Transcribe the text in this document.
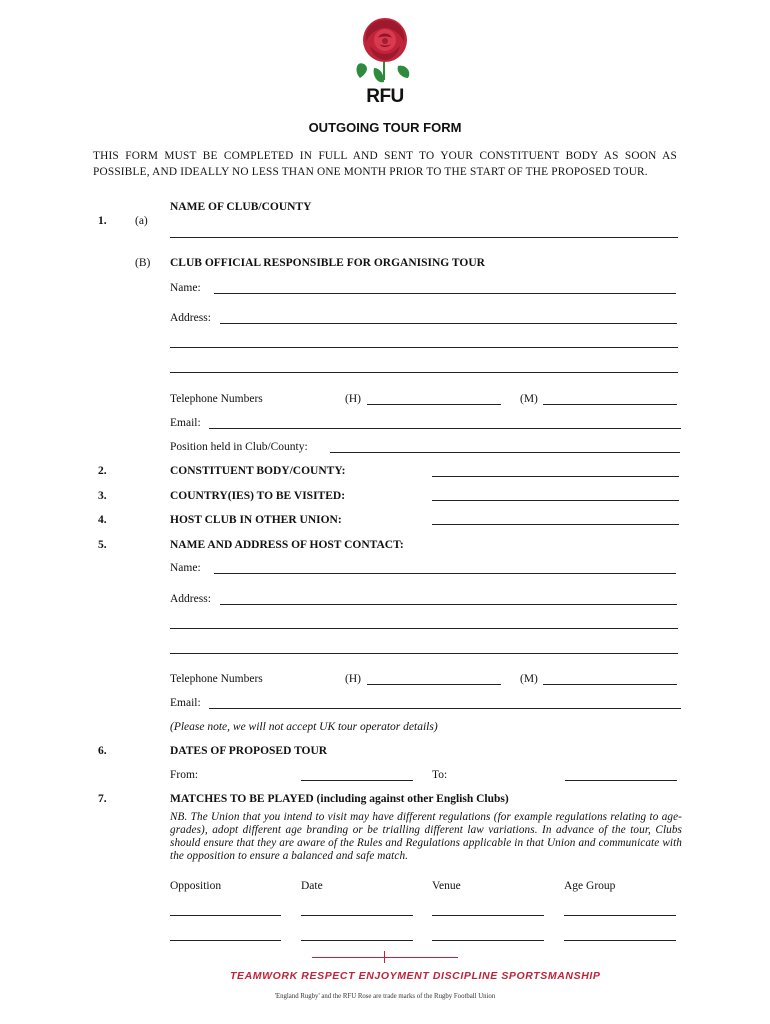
RFU
OUTGOING TOUR FORM
THIS FORM MUST BE COMPLETED IN FULL AND SENT TO YOUR CONSTITUENT BODY AS SOON AS POSSIBLE, AND IDEALLY NO LESS THAN ONE MONTH PRIOR TO THE START OF THE PROPOSED TOUR.
1. (a)
NAME OF CLUB/COUNTY
(B) CLUB OFFICIAL RESPONSIBLE FOR ORGANISING TOUR
Name:
Address:
Telephone Numbers	(H)	(M)
Email:
Position held in Club/County:
2.	CONSTITUENT BODY/COUNTY:
3.	COUNTRY(IES) TO BE VISITED:
4.	HOST CLUB IN OTHER UNION:
5.	NAME AND ADDRESS OF HOST CONTACT:
Name:
Address:
Telephone Numbers	(H)	(M)
Email:
(Please note, we will not accept UK tour operator details)
6.	DATES OF PROPOSED TOUR
From:	To:
7.	MATCHES TO BE PLAYED (including against other English Clubs)
NB. The Union that you intend to visit may have different regulations (for example regulations relating to age-grades), adopt different age branding or be trialling different law variations. In advance of the tour, Clubs should ensure that they are aware of the Rules and Regulations applicable in that Union and communicate with the opposition to ensure a balanced and safe match.
Opposition	Date	Venue	Age Group
TEAMWORK RESPECT ENJOYMENT DISCIPLINE SPORTSMANSHIP
'England Rugby' and the RFU Rose are trade marks of the Rugby Football Union
